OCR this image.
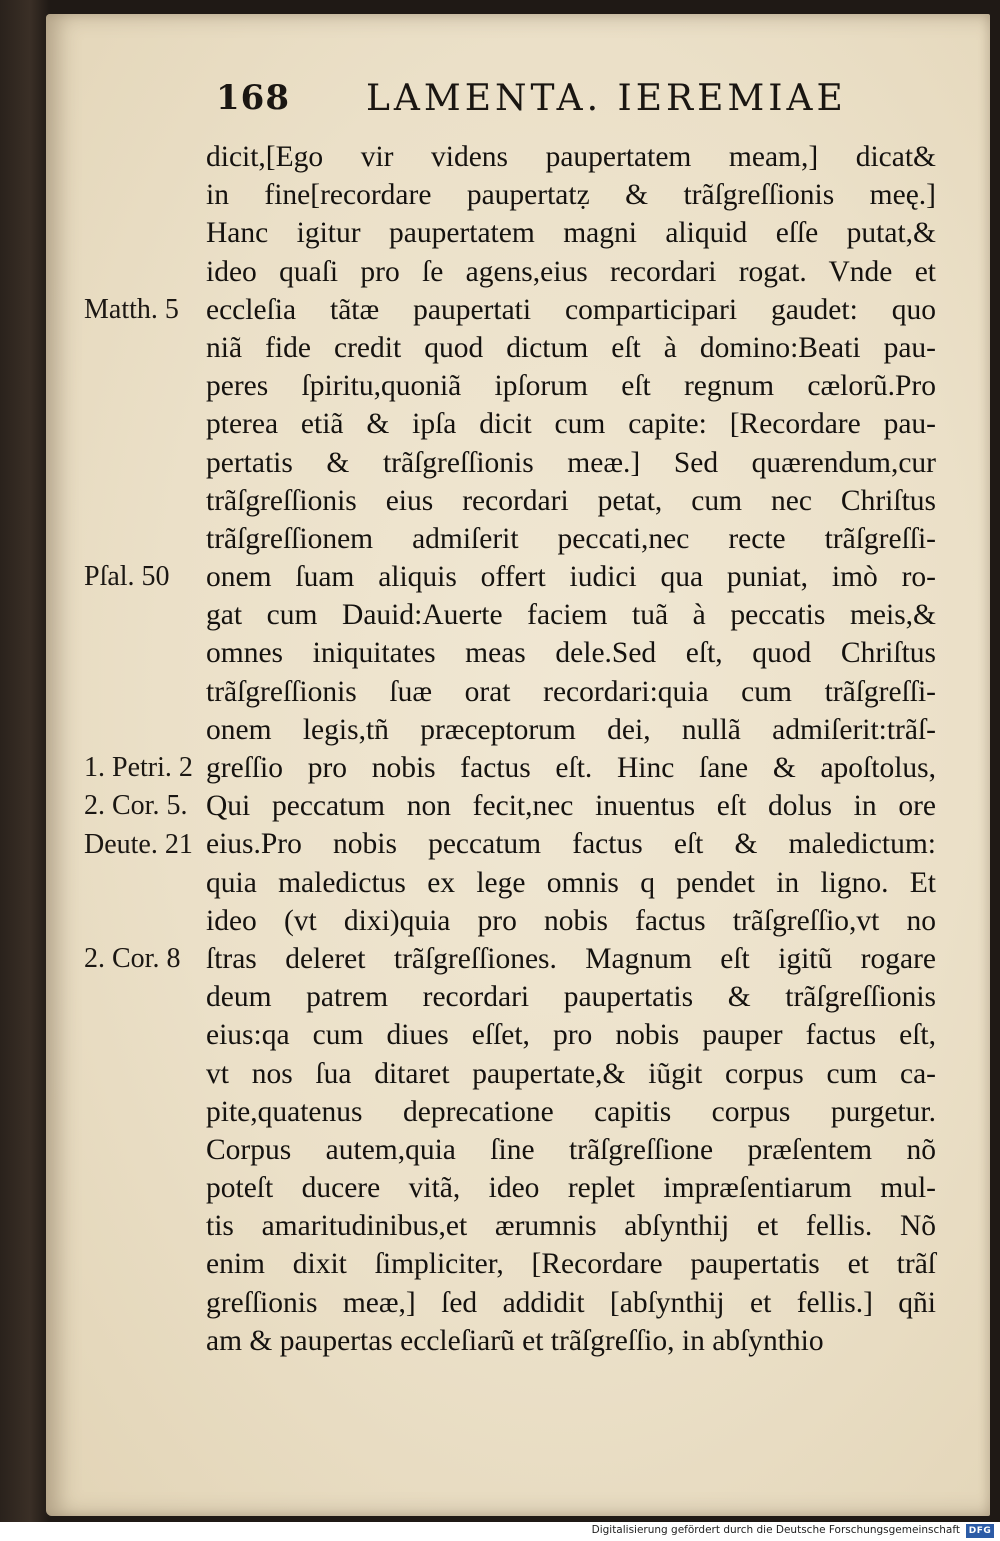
168 LAMENTA. IEREMIAE
dicit,[Ego vir videns paupertatem meam,] dicat&
in fine[recordare paupertatẓ & trãſgreſſionis meę.]
Hanc igitur paupertatem magni aliquid eſſe putat,&
ideo quaſi pro ſe agens,eius recordari rogat. Vnde et
eccleſia tãtæ paupertati comparticipari gaudet: quo
niã fide credit quod dictum eſt à domino:Beati pau-
peres ſpiritu,quoniã ipſorum eſt regnum cælorũ.Pro
pterea etiã & ipſa dicit cum capite: [Recordare pau-
pertatis & trãſgreſſionis meæ.] Sed quærendum,cur
trãſgreſſionis eius recordari petat, cum nec Chriſtus
trãſgreſſionem admiſerit peccati,nec recte trãſgreſſi-
onem ſuam aliquis offert iudici qua puniat, imò ro-
gat cum Dauid:Auerte faciem tuã à peccatis meis,&
omnes iniquitates meas dele.Sed eſt, quod Chriſtus
trãſgreſſionis ſuæ orat recordari:quia cum trãſgreſſi-
onem legis,tñ præceptorum dei, nullã admiſerit:trãſ-
greſſio pro nobis factus eſt. Hinc ſane & apoſtolus,
Qui peccatum non fecit,nec inuentus eſt dolus in ore
eius.Pro nobis peccatum factus eſt & maledictum:
quia maledictus ex lege omnis q pendet in ligno. Et
ideo (vt dixi)quia pro nobis factus trãſgreſſio,vt no
ſtras deleret trãſgreſſiones. Magnum eſt igitũ rogare
deum patrem recordari paupertatis & trãſgreſſionis
eius:qa cum diues eſſet, pro nobis pauper factus eſt,
vt nos ſua ditaret paupertate,& iũgit corpus cum ca-
pite,quatenus deprecatione capitis corpus purgetur.
Corpus autem,quia ſine trãſgreſſione præſentem nõ
poteſt ducere vitã, ideo replet impræſentiarum mul-
tis amaritudinibus,et ærumnis abſynthij et fellis. Nõ
enim dixit ſimpliciter, [Recordare paupertatis et trãſ
greſſionis meæ,] ſed addidit [abſynthij et fellis.] qñi
am & paupertas eccleſiarũ et trãſgreſſio, in abſynthio
Matth. 5
Pſal. 50
1. Petri. 2
2. Cor. 5.
Deute. 21
2. Cor. 8
Digitalisierung gefördert durch die Deutsche Forschungsgemeinschaft DFG
